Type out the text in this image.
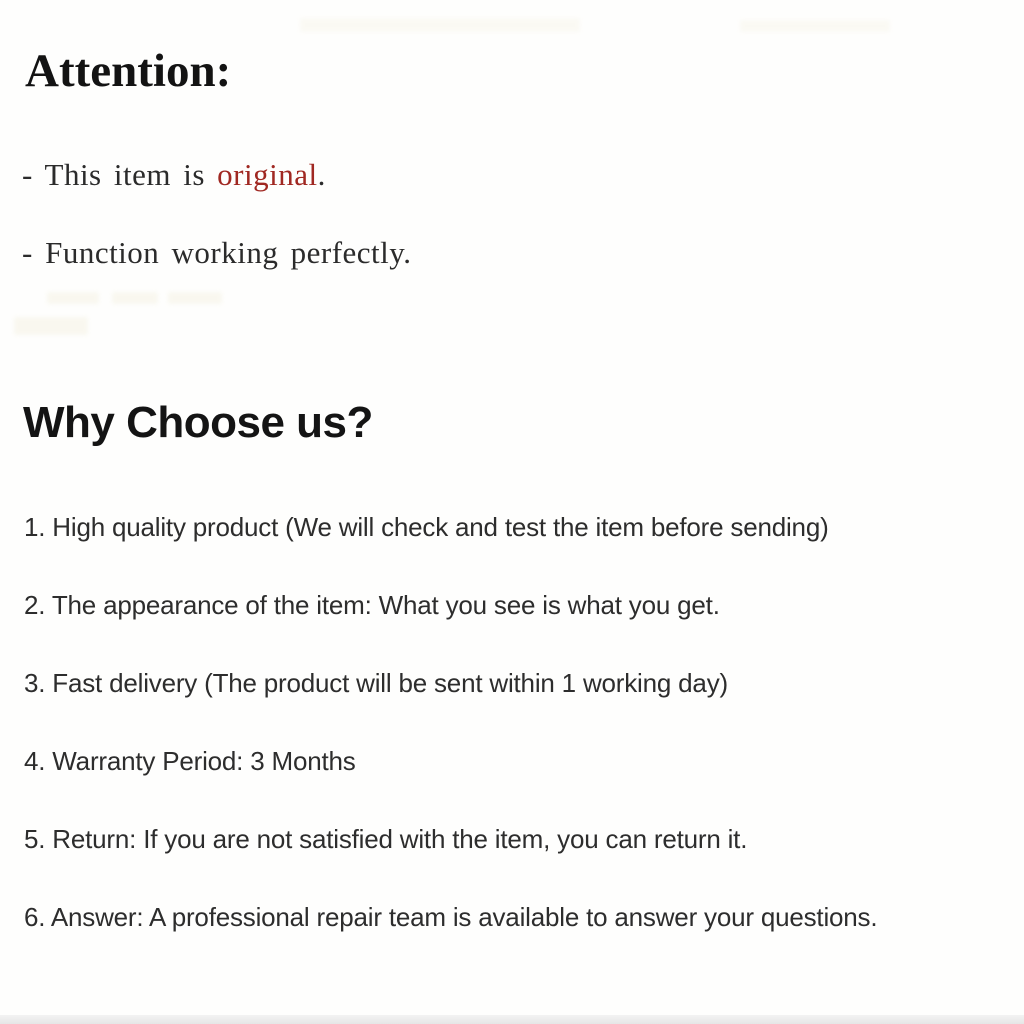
Attention:

- This item is original.

- Function working perfectly.

Why Choose us?
1. High quality product (We will check and test the item before sending)
2. The appearance of the item: What you see is what you get.
3. Fast delivery (The product will be sent within 1 working day)
4. Warranty Period: 3 Months
5. Return: If you are not satisfied with the item, you can return it.
6. Answer: A professional repair team is available to answer your questions.
